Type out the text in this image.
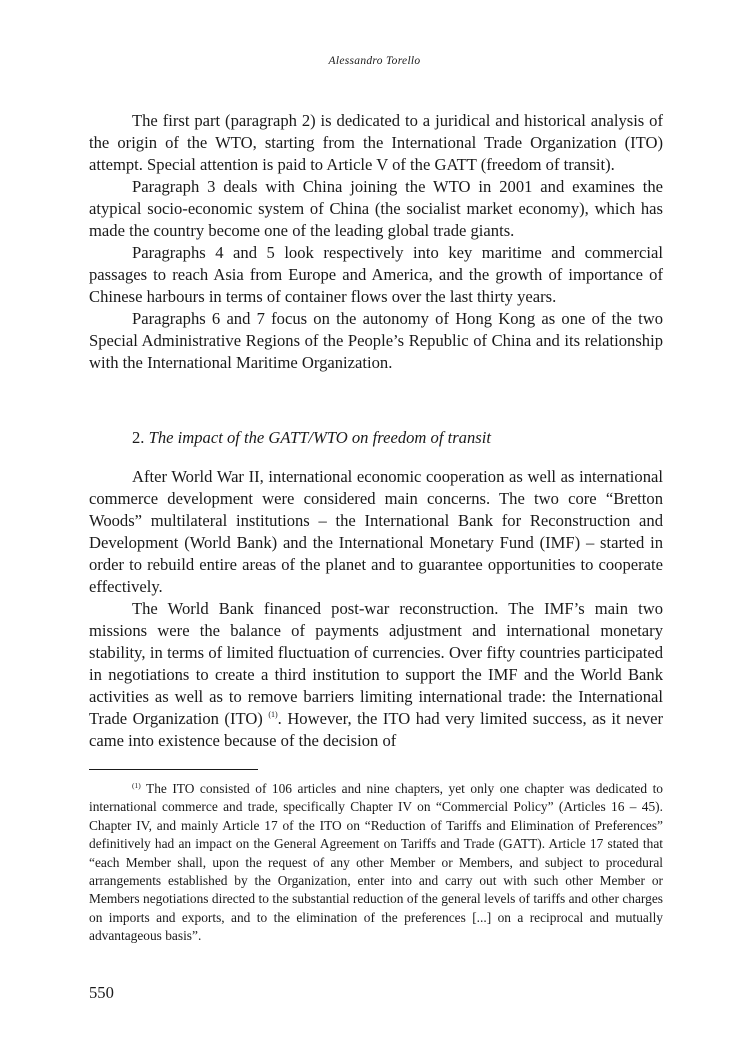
Alessandro Torello

The first part (paragraph 2) is dedicated to a juridical and historical analysis of the origin of the WTO, starting from the International Trade Organization (ITO) attempt. Special attention is paid to Article V of the GATT (freedom of transit).

Paragraph 3 deals with China joining the WTO in 2001 and examines the atypical socio-economic system of China (the socialist market economy), which has made the country become one of the leading global trade giants.

Paragraphs 4 and 5 look respectively into key maritime and commercial passages to reach Asia from Europe and America, and the growth of importance of Chinese harbours in terms of container flows over the last thirty years.

Paragraphs 6 and 7 focus on the autonomy of Hong Kong as one of the two Special Administrative Regions of the People’s Republic of China and its relationship with the International Maritime Organization.

2. The impact of the GATT/WTO on freedom of transit

After World War II, international economic cooperation as well as international commerce development were considered main concerns. The two core “Bretton Woods” multilateral institutions – the International Bank for Reconstruction and Development (World Bank) and the International Monetary Fund (IMF) – started in order to rebuild entire areas of the planet and to guarantee opportunities to cooperate effectively.

The World Bank financed post-war reconstruction. The IMF’s main two missions were the balance of payments adjustment and international monetary stability, in terms of limited fluctuation of currencies. Over fifty countries participated in negotiations to create a third institution to support the IMF and the World Bank activities as well as to remove barriers limiting international trade: the International Trade Organization (ITO) $^{(1)}$. However, the ITO had very limited success, as it never came into existence because of the decision of

$^{(1)}$ The ITO consisted of 106 articles and nine chapters, yet only one chapter was dedicated to international commerce and trade, specifically Chapter IV on “Commercial Policy” (Articles 16 – 45). Chapter IV, and mainly Article 17 of the ITO on “Reduction of Tariffs and Elimination of Preferences” definitively had an impact on the General Agreement on Tariffs and Trade (GATT). Article 17 stated that “each Member shall, upon the request of any other Member or Members, and subject to procedural arrangements established by the Organization, enter into and carry out with such other Member or Members negotiations directed to the substantial reduction of the general levels of tariffs and other charges on imports and exports, and to the elimination of the preferences [...] on a reciprocal and mutually advantageous basis”.
550
